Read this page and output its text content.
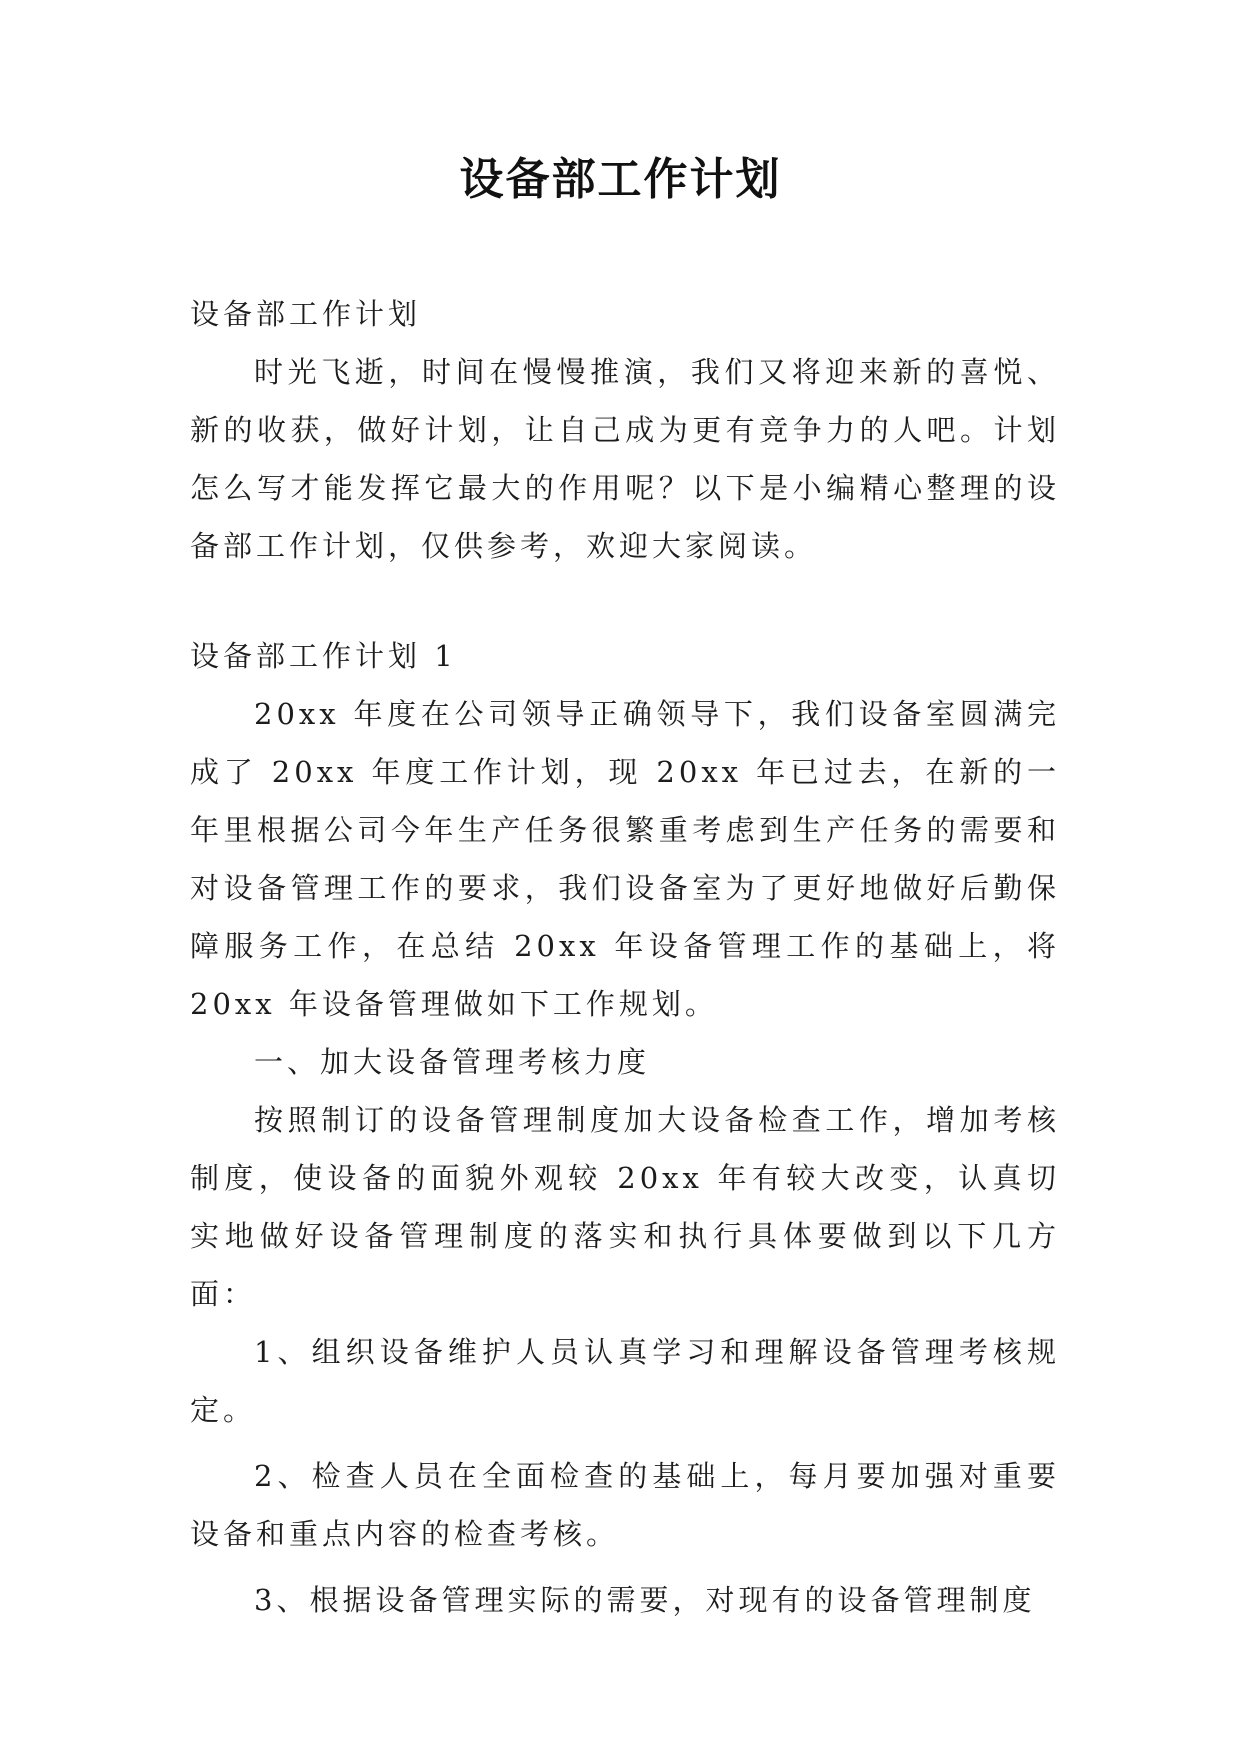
设备部工作计划

设备部工作计划

时光飞逝，时间在慢慢推演，我们又将迎来新的喜悦、新的收获，做好计划，让自己成为更有竞争力的人吧。计划怎么写才能发挥它最大的作用呢？以下是小编精心整理的设备部工作计划，仅供参考，欢迎大家阅读。

设备部工作计划 1

20xx 年度在公司领导正确领导下，我们设备室圆满完成了 20xx 年度工作计划，现 20xx 年已过去，在新的一年里根据公司今年生产任务很繁重考虑到生产任务的需要和对设备管理工作的要求，我们设备室为了更好地做好后勤保障服务工作，在总结 20xx 年设备管理工作的基础上，将 20xx 年设备管理做如下工作规划。

一、加大设备管理考核力度

按照制订的设备管理制度加大设备检查工作，增加考核制度，使设备的面貌外观较 20xx 年有较大改变，认真切实地做好设备管理制度的落实和执行具体要做到以下几方面：

1、组织设备维护人员认真学习和理解设备管理考核规定。

2、检查人员在全面检查的基础上，每月要加强对重要设备和重点内容的检查考核。

3、根据设备管理实际的需要，对现有的设备管理制度
